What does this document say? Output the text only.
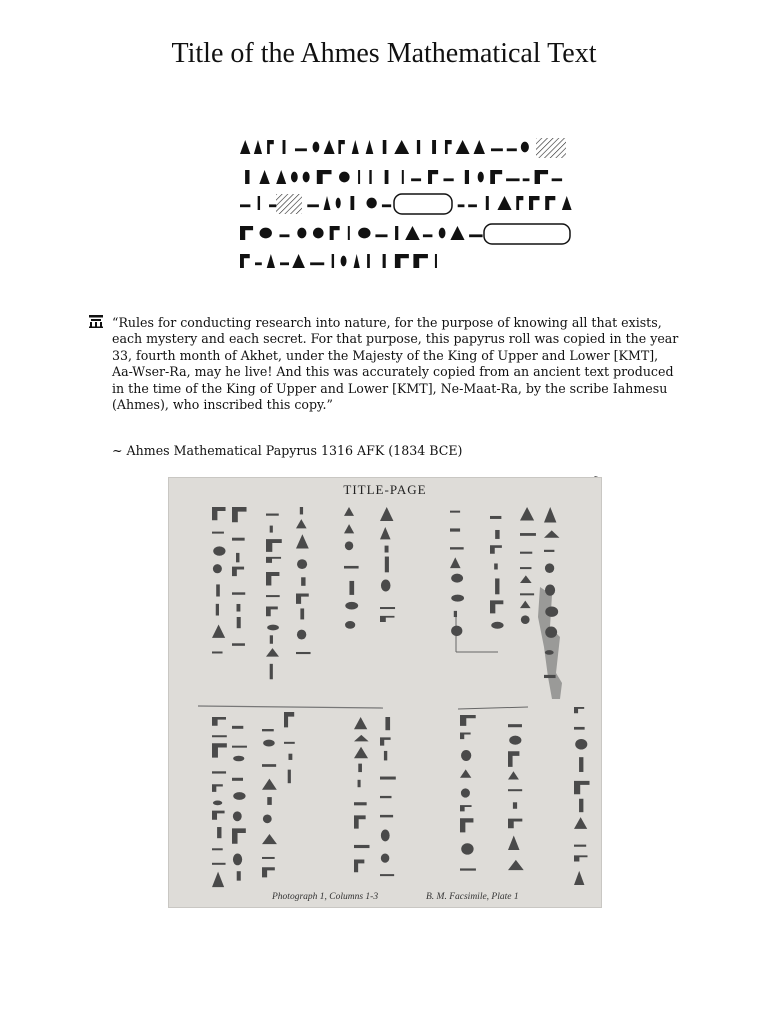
Title of the Ahmes Mathematical Text

“Rules for conducting research into nature, for the purpose of knowing all that exists,

each mystery and each secret. For that purpose, this papyrus roll was copied in the year

33, fourth month of Akhet, under the Majesty of the King of Upper and Lower [KMT],

Aa-Wser-Ra, may he live! And this was accurately copied from an ancient text produced

in the time of the King of Upper and Lower [KMT], Ne-Maat-Ra, by the scribe Iahmesu

(Ahmes), who inscribed this copy.”

~ Ahmes Mathematical Papyrus 1316 AFK (1834 BCE)
TITLE-PAGE
Photograph 1, Columns 1-3	B. M. Facsimile, Plate 1
